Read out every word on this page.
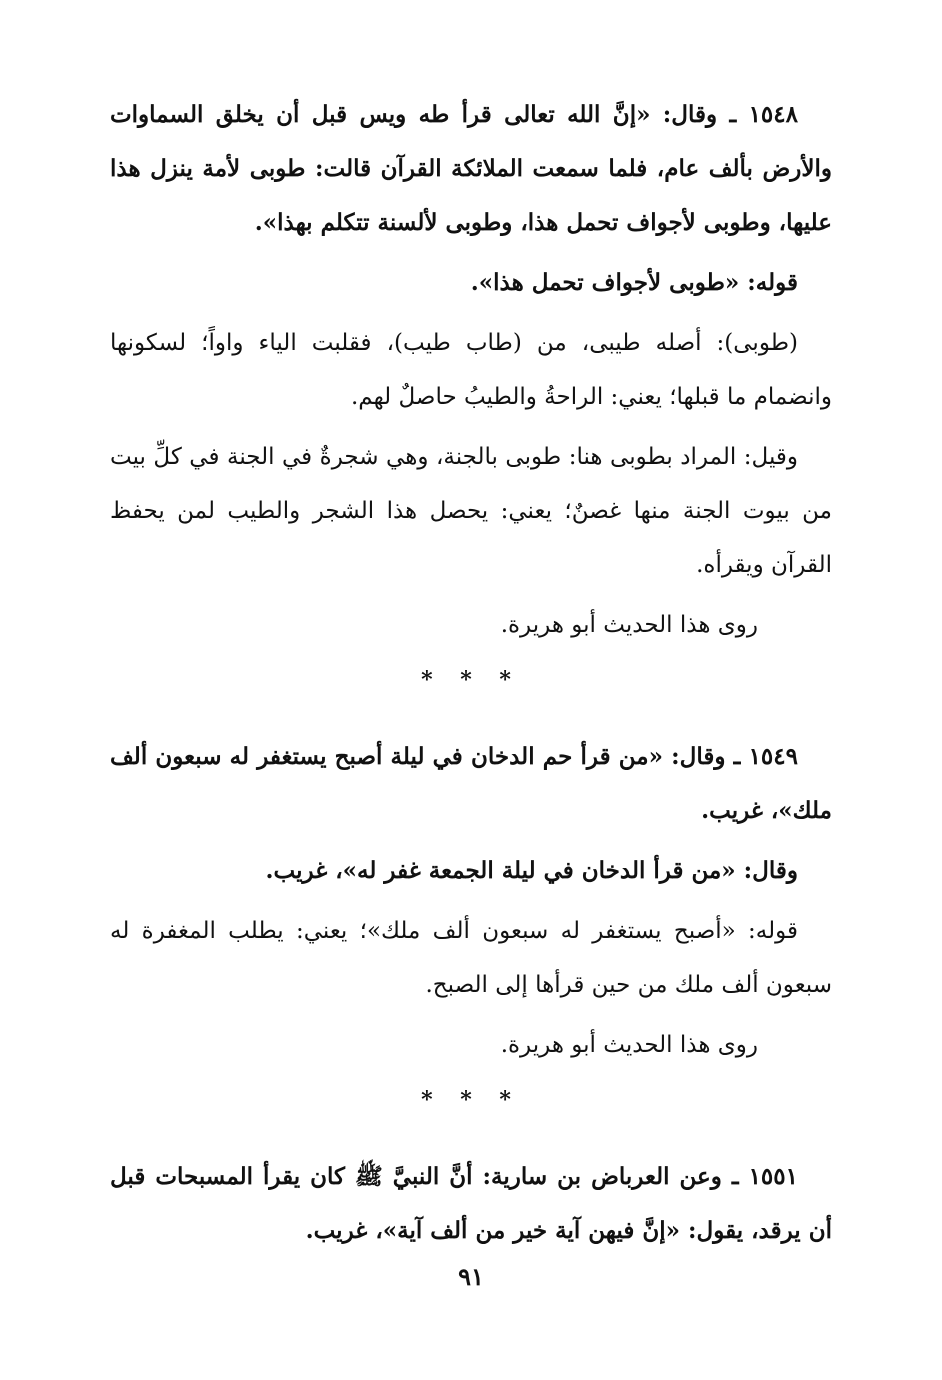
١٥٤٨ ـ وقال: «إنَّ الله تعالى قرأ طه ويس قبل أن يخلق السماوات والأرض بألف عام، فلما سمعت الملائكة القرآن قالت: طوبى لأمة ينزل هذا عليها، وطوبى لأجواف تحمل هذا، وطوبى لألسنة تتكلم بهذا».

قوله: «طوبى لأجواف تحمل هذا».

(طوبى): أصله طيبى، من (طاب طيب)، فقلبت الياء واواً؛ لسكونها وانضمام ما قبلها؛ يعني: الراحةُ والطيبُ حاصلٌ لهم.

وقيل: المراد بطوبى هنا: طوبى بالجنة، وهي شجرةٌ في الجنة في كلِّ بيت من بيوت الجنة منها غصنٌ؛ يعني: يحصل هذا الشجر والطيب لمن يحفظ القرآن ويقرأه.

روى هذا الحديث أبو هريرة.

* * *

١٥٤٩ ـ وقال: «من قرأ حم الدخان في ليلة أصبح يستغفر له سبعون ألف ملك»، غريب.

وقال: «من قرأ الدخان في ليلة الجمعة غفر له»، غريب.

قوله: «أصبح يستغفر له سبعون ألف ملك»؛ يعني: يطلب المغفرة له سبعون ألف ملك من حين قرأها إلى الصبح.

روى هذا الحديث أبو هريرة.

* * *

١٥٥١ ـ وعن العرباض بن سارية: أنَّ النبيَّ ﷺ كان يقرأ المسبحات قبل أن يرقد، يقول: «إنَّ فيهن آية خير من ألف آية»، غريب.

٩١
